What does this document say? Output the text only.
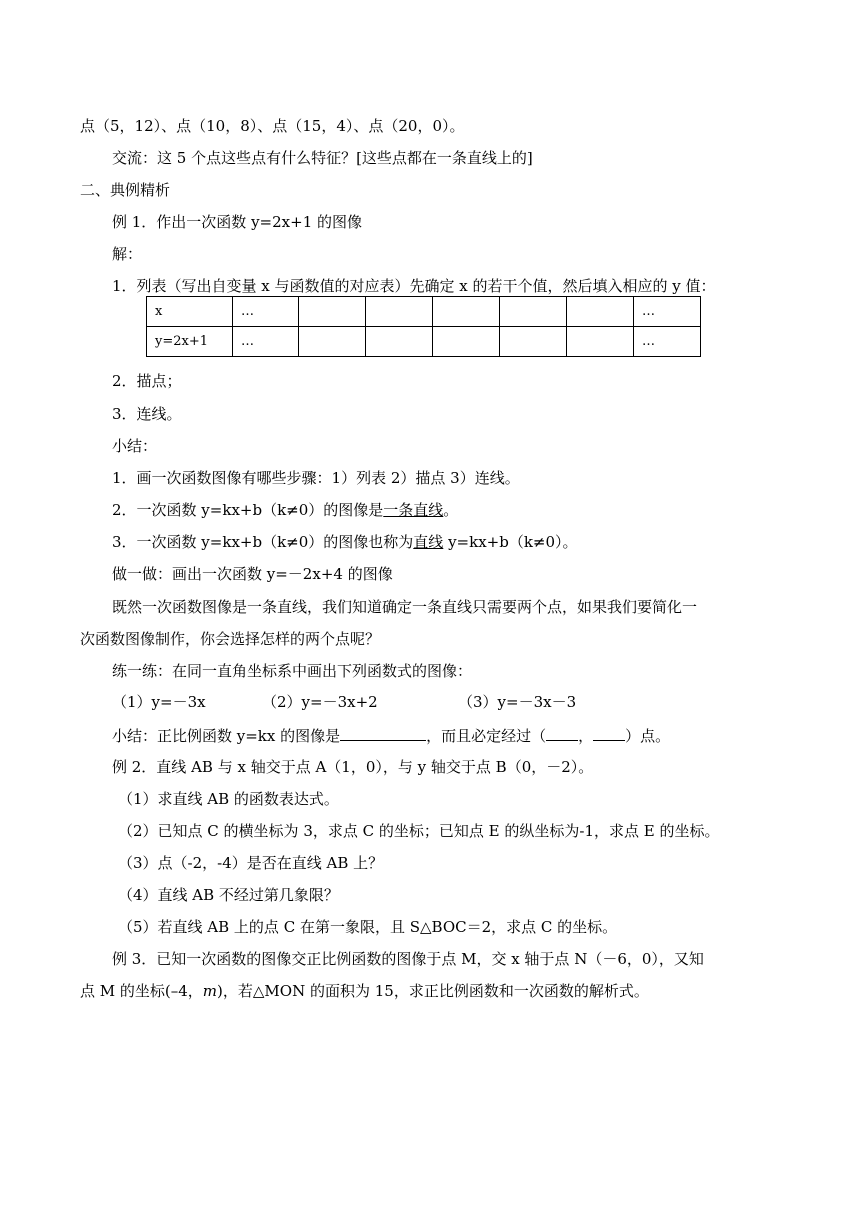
点（5，12）、点（10，8）、点（15，4）、点（20，0）。
交流：这 5 个点这些点有什么特征？[这些点都在一条直线上的]
二、典例精析
例 1．作出一次函数 y=2x+1 的图像
解：
1．列表（写出自变量 x 与函数值的对应表）先确定 x 的若干个值，然后填入相应的 y 值：
x	…						…
y=2x+1	…						…
2．描点；
3．连线。
小结：
1．画一次函数图像有哪些步骤：1）列表 2）描点 3）连线。
2．一次函数 y=kx+b（k≠0）的图像是一条直线。
3．一次函数 y=kx+b（k≠0）的图像也称为直线 y=kx+b（k≠0）。
做一做：画出一次函数 y=－2x+4 的图像
既然一次函数图像是一条直线，我们知道确定一条直线只需要两个点，如果我们要简化一
次函数图像制作，你会选择怎样的两个点呢？
练一练：在同一直角坐标系中画出下列函数式的图像：
（1）y=－3x	（2）y=－3x+2	（3）y=－3x－3
小结：正比例函数 y=kx 的图像是	，而且必定经过（ ， ）点。
例 2．直线 AB 与 x 轴交于点 A（1，0），与 y 轴交于点 B（0，－2）。
（1）求直线 AB 的函数表达式。
（2）已知点 C 的横坐标为 3，求点 C 的坐标；已知点 E 的纵坐标为-1，求点 E 的坐标。
（3）点（-2，-4）是否在直线 AB 上？
（4）直线 AB 不经过第几象限？
（5）若直线 AB 上的点 C 在第一象限，且 S△BOC＝2，求点 C 的坐标。
例 3．已知一次函数的图像交正比例函数的图像于点 M，交 x 轴于点 N（－6，0），又知
点 M 的坐标(–4，m)，若△MON 的面积为 15，求正比例函数和一次函数的解析式。
